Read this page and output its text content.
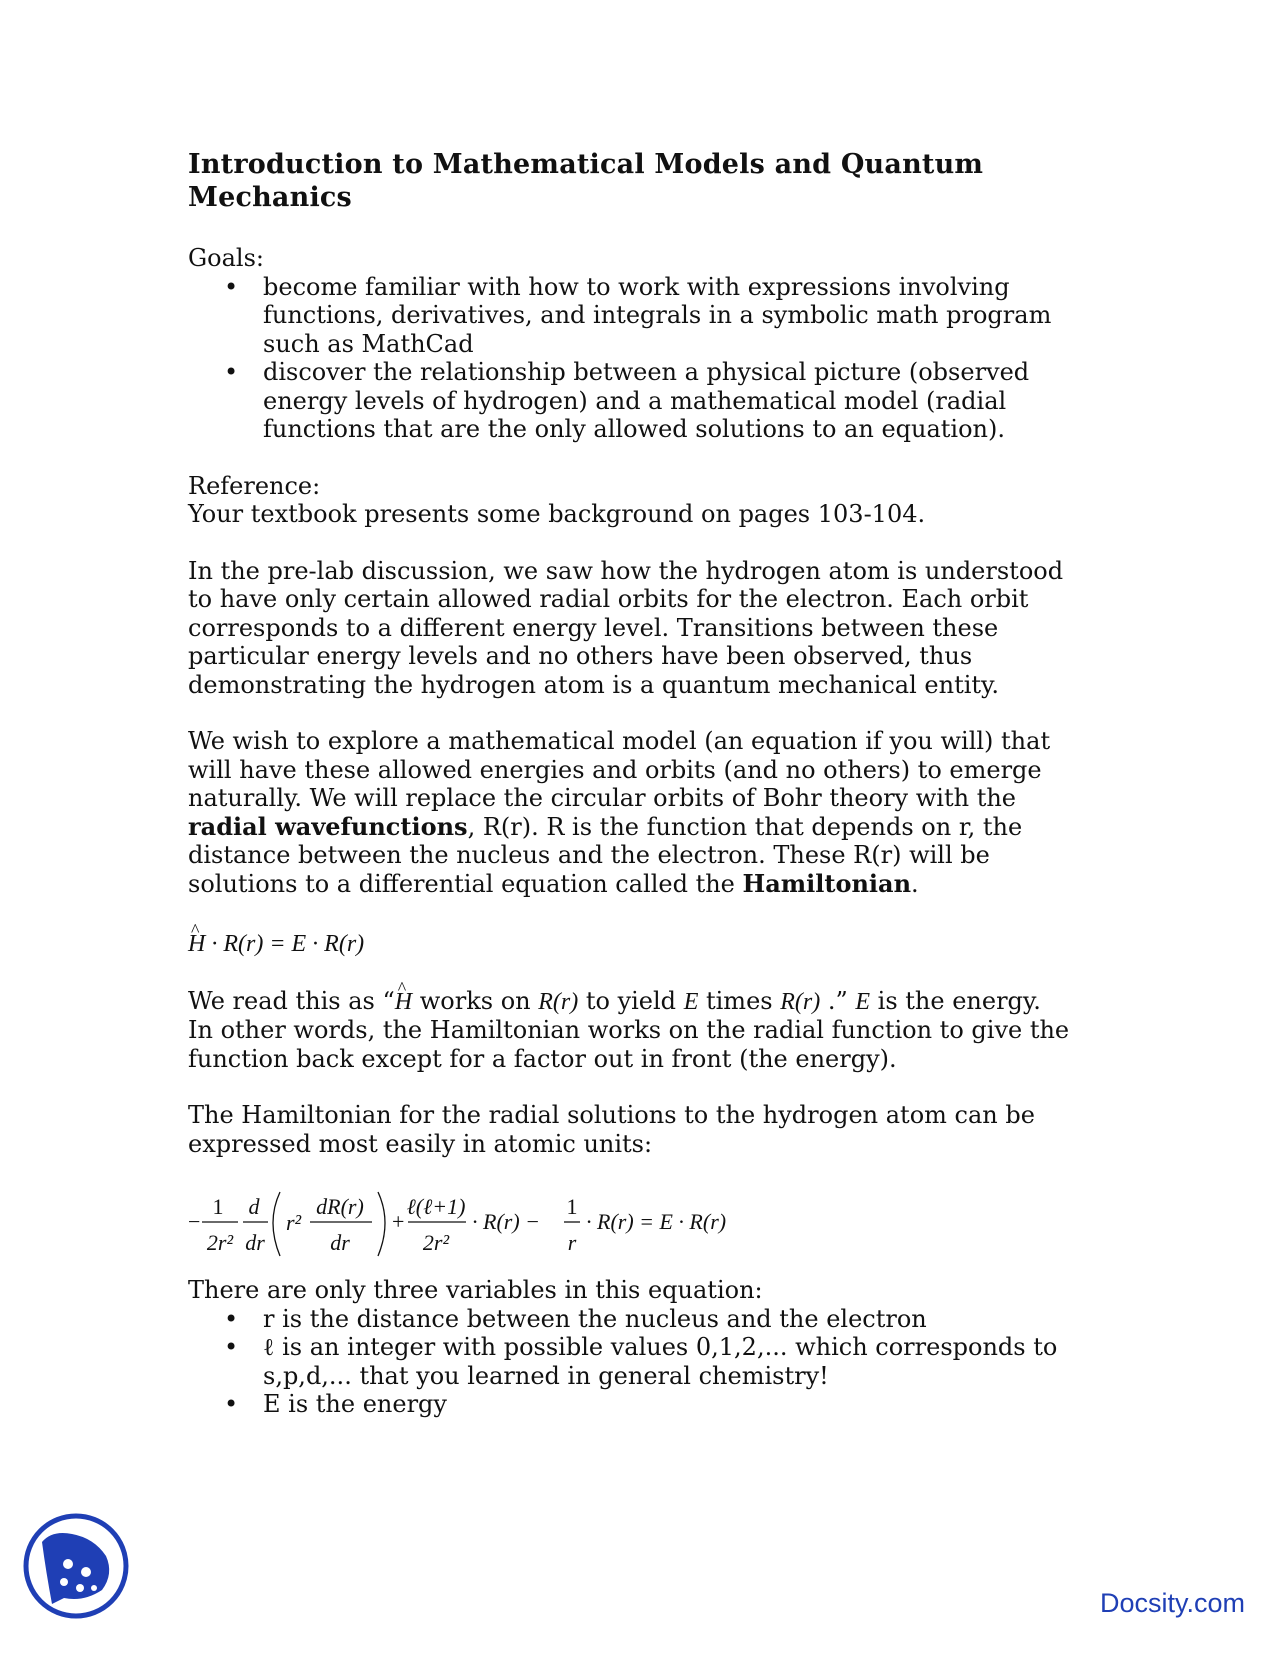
Introduction to Mathematical Models and Quantum Mechanics

Goals:

• become familiar with how to work with expressions involving functions, derivatives, and integrals in a symbolic math program such as MathCad
• discover the relationship between a physical picture (observed energy levels of hydrogen) and a mathematical model (radial functions that are the only allowed solutions to an equation).

Reference:

Your textbook presents some background on pages 103-104.

In the pre-lab discussion, we saw how the hydrogen atom is understood to have only certain allowed radial orbits for the electron. Each orbit corresponds to a different energy level. Transitions between these particular energy levels and no others have been observed, thus demonstrating the hydrogen atom is a quantum mechanical entity.

We wish to explore a mathematical model (an equation if you will) that will have these allowed energies and orbits (and no others) to emerge naturally. We will replace the circular orbits of Bohr theory with the radial wavefunctions, R(r). R is the function that depends on r, the distance between the nucleus and the electron. These R(r) will be solutions to a differential equation called the Hamiltonian.

^ H · R(r) = E · R(r)

We read this as “^ H works on R(r) to yield E times R(r) .” E is the energy.
In other words, the Hamiltonian works on the radial function to give the function back except for a factor out in front (the energy).

The Hamiltonian for the radial solutions to the hydrogen atom can be expressed most easily in atomic units:

−
1
2r²
d
dr
r²
dR(r)
dr
+
ℓ(ℓ+1)
2r²
· R(r) −
1
r
· R(r) = E · R(r)

There are only three variables in this equation:

• r is the distance between the nucleus and the electron
• ℓ is an integer with possible values 0,1,2,... which corresponds to s,p,d,... that you learned in general chemistry!
• E is the energy
Docsity.com
